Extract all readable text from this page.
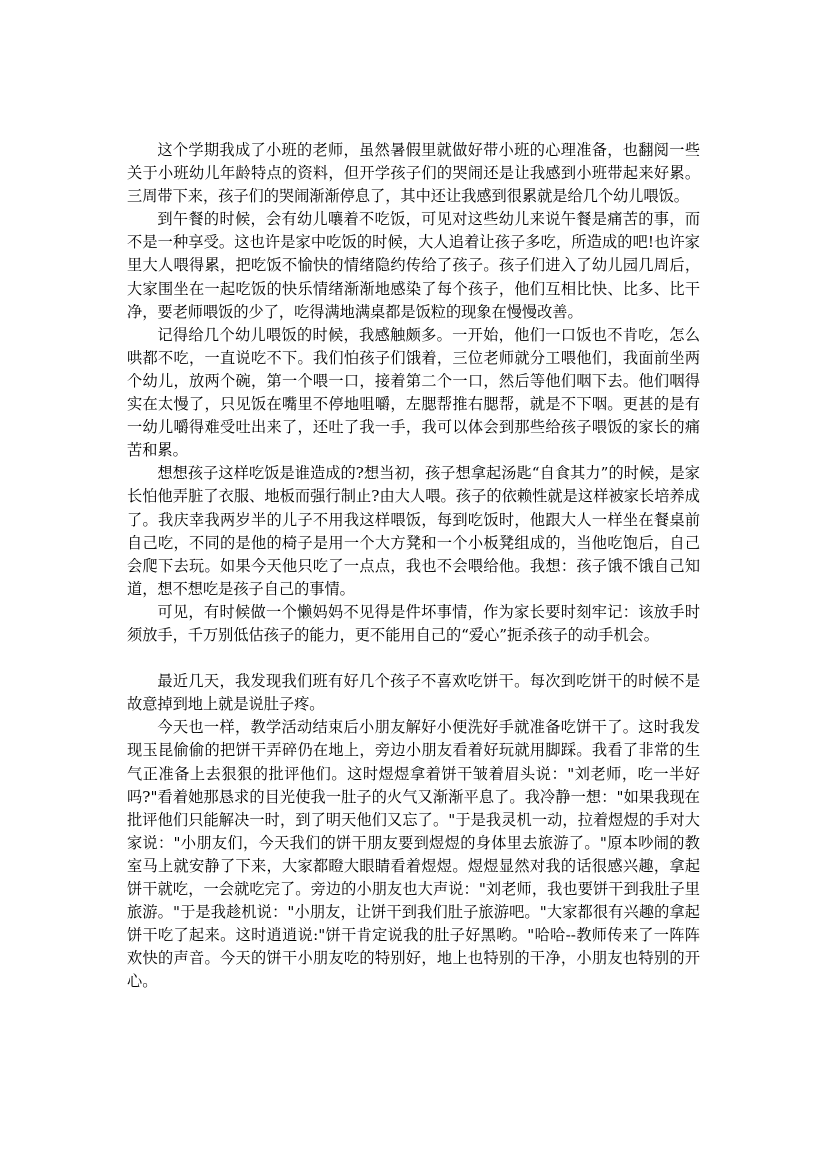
这个学期我成了小班的老师，虽然暑假里就做好带小班的心理准备，也翻阅一些关于小班幼儿年龄特点的资料，但开学孩子们的哭闹还是让我感到小班带起来好累。三周带下来，孩子们的哭闹渐渐停息了，其中还让我感到很累就是给几个幼儿喂饭。

到午餐的时候，会有幼儿嚷着不吃饭，可见对这些幼儿来说午餐是痛苦的事，而不是一种享受。这也许是家中吃饭的时候，大人追着让孩子多吃，所造成的吧!也许家里大人喂得累，把吃饭不愉快的情绪隐约传给了孩子。孩子们进入了幼儿园几周后，大家围坐在一起吃饭的快乐情绪渐渐地感染了每个孩子，他们互相比快、比多、比干净，要老师喂饭的少了，吃得满地满桌都是饭粒的现象在慢慢改善。

记得给几个幼儿喂饭的时候，我感触颇多。一开始，他们一口饭也不肯吃，怎么哄都不吃，一直说吃不下。我们怕孩子们饿着，三位老师就分工喂他们，我面前坐两个幼儿，放两个碗，第一个喂一口，接着第二个一口，然后等他们咽下去。他们咽得实在太慢了，只见饭在嘴里不停地咀嚼，左腮帮推右腮帮，就是不下咽。更甚的是有一幼儿嚼得难受吐出来了，还吐了我一手，我可以体会到那些给孩子喂饭的家长的痛苦和累。

想想孩子这样吃饭是谁造成的?想当初，孩子想拿起汤匙“自食其力”的时候，是家长怕他弄脏了衣服、地板而强行制止?由大人喂。孩子的依赖性就是这样被家长培养成了。我庆幸我两岁半的儿子不用我这样喂饭，每到吃饭时，他跟大人一样坐在餐桌前自己吃，不同的是他的椅子是用一个大方凳和一个小板凳组成的，当他吃饱后，自己会爬下去玩。如果今天他只吃了一点点，我也不会喂给他。我想：孩子饿不饿自己知道，想不想吃是孩子自己的事情。

可见，有时候做一个懒妈妈不见得是件坏事情，作为家长要时刻牢记：该放手时须放手，千万别低估孩子的能力，更不能用自己的“爱心”扼杀孩子的动手机会。

最近几天，我发现我们班有好几个孩子不喜欢吃饼干。每次到吃饼干的时候不是故意掉到地上就是说肚子疼。

今天也一样，教学活动结束后小朋友解好小便洗好手就准备吃饼干了。这时我发现玉昆偷偷的把饼干弄碎仍在地上，旁边小朋友看着好玩就用脚踩。我看了非常的生气正准备上去狠狠的批评他们。这时煜煜拿着饼干皱着眉头说："刘老师，吃一半好吗?"看着她那恳求的目光使我一肚子的火气又渐渐平息了。我冷静一想："如果我现在批评他们只能解决一时，到了明天他们又忘了。"于是我灵机一动，拉着煜煜的手对大家说："小朋友们，今天我们的饼干朋友要到煜煜的身体里去旅游了。"原本吵闹的教室马上就安静了下来，大家都瞪大眼睛看着煜煜。煜煜显然对我的话很感兴趣，拿起饼干就吃，一会就吃完了。旁边的小朋友也大声说："刘老师，我也要饼干到我肚子里旅游。"于是我趁机说："小朋友，让饼干到我们肚子旅游吧。"大家都很有兴趣的拿起饼干吃了起来。这时逍逍说:"饼干肯定说我的肚子好黑哟。"哈哈--教师传来了一阵阵欢快的声音。今天的饼干小朋友吃的特别好，地上也特别的干净，小朋友也特别的开心。
